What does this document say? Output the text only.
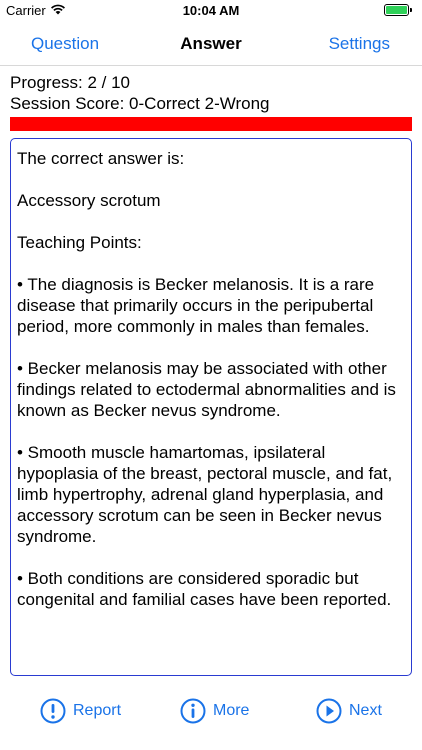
Carrier	10:04 AM
Question	Answer	Settings
Progress: 2 / 10
Session Score: 0-Correct 2-Wrong

The correct answer is:

Accessory scrotum

Teaching Points:

• The diagnosis is Becker melanosis. It is a rare disease that primarily occurs in the peripubertal period, more commonly in males than females.

• Becker melanosis may be associated with other findings related to ectodermal abnormalities and is known as Becker nevus syndrome.

• Smooth muscle hamartomas, ipsilateral hypoplasia of the breast, pectoral muscle, and fat, limb hypertrophy, adrenal gland hyperplasia, and accessory scrotum can be seen in Becker nevus syndrome.

• Both conditions are considered sporadic but congenital and familial cases have been reported.

Report	More	Next
